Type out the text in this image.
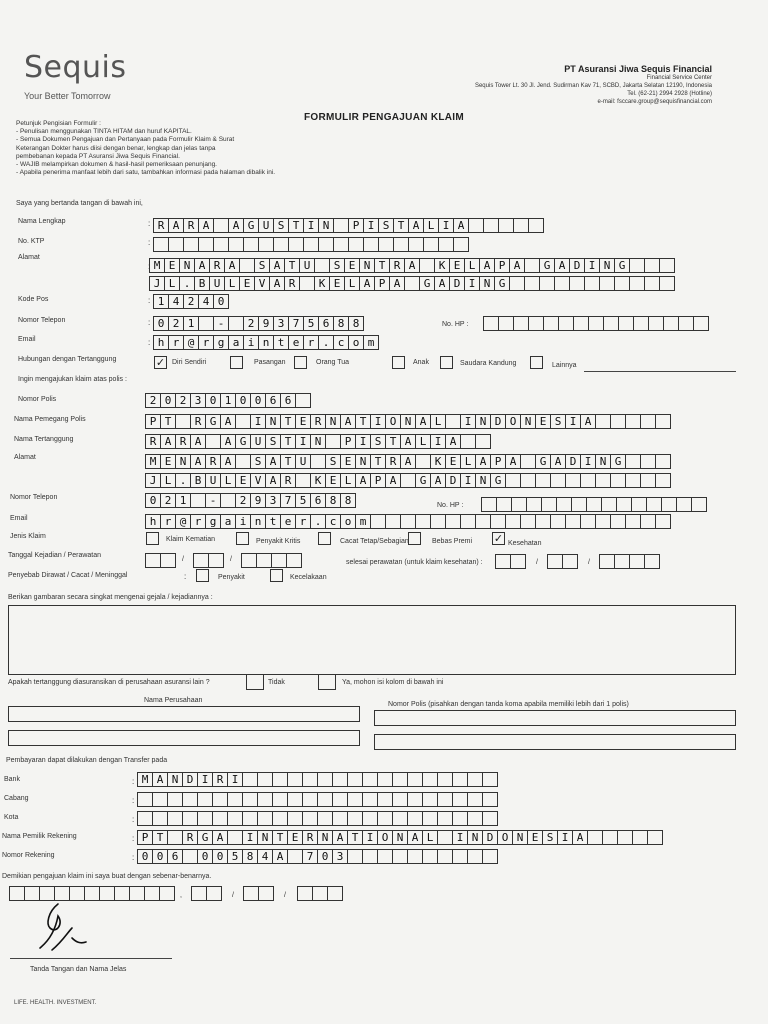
Sequis
Your Better Tomorrow
PT Asuransi Jiwa Sequis Financial
Financial Service Center
Sequis Tower Lt. 30 Jl. Jend. Sudirman Kav 71, SCBD, Jakarta Selatan 12190, Indonesia
Tel. (62-21) 2994 2928 (Hotline)
e-mail: fsccare.group@sequisfinancial.com
FORMULIR PENGAJUAN KLAIM
Petunjuk Pengisian Formulir :
- Penulisan menggunakan TINTA HITAM dan huruf KAPITAL.
- Semua Dokumen Pengajuan dan Pertanyaan pada Formulir Klaim & Surat
Keterangan Dokter harus diisi dengan benar, lengkap dan jelas tanpa
pembebanan kepada PT Asuransi Jiwa Sequis Financial.
- WAJIB melampirkan dokumen & hasil-hasil pemeriksaan penunjang.
- Apabila penerima manfaat lebih dari satu, tambahkan informasi pada halaman dibalik ini.
Saya yang bertanda tangan di bawah ini,
Nama Lengkap	: R A R A	A G U S T I N	P I S T A L I A
No. KTP	:
Alamat
: M E N A R A	S A T U	S E N T R A	K E L A P A	G A D I N G
J L . B U L E V A R	K E L A P A	G A D I N G
Kode Pos	: 1 4 2 4 0
Nomor Telepon	: 0 2 1	-	2 9 3 7 5 6 8 8	No. HP :
Email	: h r @ r g a i n t e r . c o m
Hubungan dengan Tertanggung	✓ Diri Sendiri	Pasangan	Orang Tua	Anak	Saudara Kandung	Lainnya
Ingin mengajukan klaim atas polis :
Nomor Polis	2 0 2 3 0 1 0 0 6 6
Nama Pemegang Polis	P T	R G A	I N T E R N A T I O N A L	I N D O N E S I A
Nama Tertanggung	R A R A	A G U S T I N	P I S T A L I A
Alamat	M E N A R A	S A T U	S E N T R A	K E L A P A	G A D I N G
J L . B U L E V A R	K E L A P A	G A D I N G
Nomor Telepon	0 2 1	-	2 9 3 7 5 6 8 8	No. HP :
Email	h r @ r g a i n t e r . c o m
Jenis Klaim	Klaim Kematian	Penyakit Kritis	Cacat Tetap/Sebagian	Bebas Premi ✓ Kesehatan
Tanggal Kejadian / Perawatan
/	/	selesai perawatan (untuk klaim kesehatan) :	/	/
Penyebab Dirawat / Cacat / Meninggal	:	Penyakit	Kecelakaan
Berikan gambaran secara singkat mengenai gejala / kejadiannya :
Apakah tertanggung diasuransikan di perusahaan asuransi lain ?	Tidak	Ya, mohon isi kolom di bawah ini
Nama Perusahaan
Nomor Polis (pisahkan dengan tanda koma apabila memiliki lebih dari 1 polis)
Pembayaran dapat dilakukan dengan Transfer pada
Bank	: M A N D I R I
Cabang	:
Kota	:
Nama Pemilik Rekening	: P T	R G A	I N T E R N A T I O N A L	I N D O N E S I A
Nomor Rekening	: 0 0 6	0 0 5 8 4 A	7 0 3
Demikian pengajuan klaim ini saya buat dengan sebenar-benarnya.
,	/	/
Tanda Tangan dan Nama Jelas
LIFE. HEALTH. INVESTMENT.
